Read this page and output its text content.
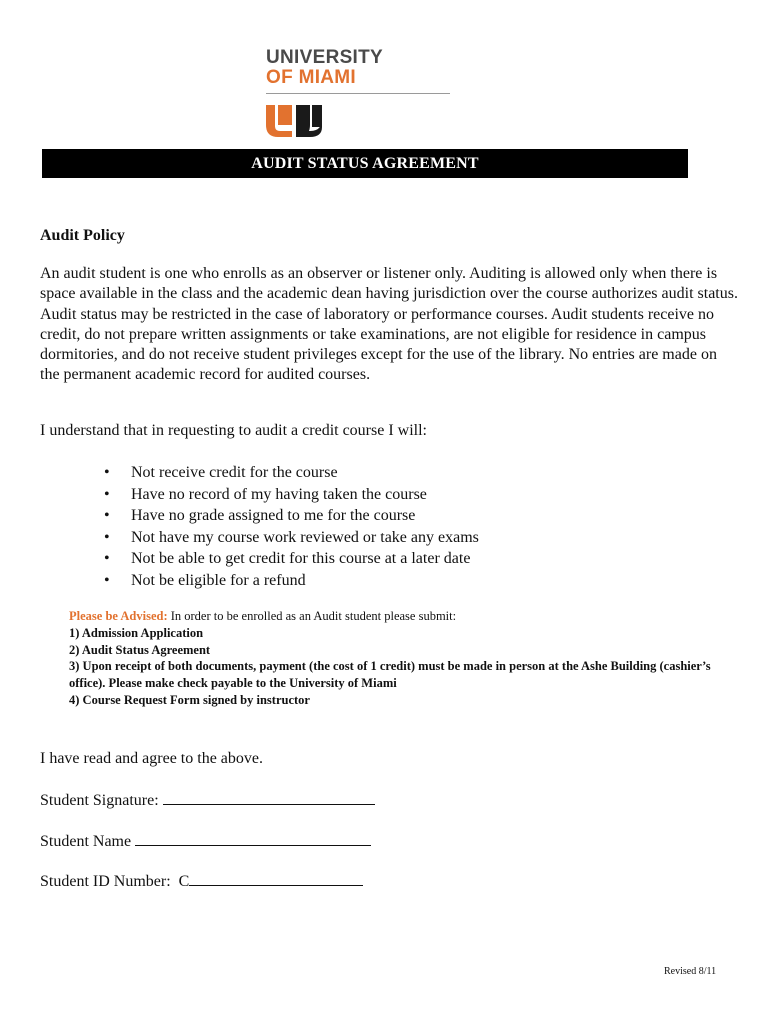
UNIVERSITY
OF MIAMI
AUDIT STATUS AGREEMENT
Audit Policy
An audit student is one who enrolls as an observer or listener only. Auditing is allowed only when there is space available in the class and the academic dean having jurisdiction over the course authorizes audit status. Audit status may be restricted in the case of laboratory or performance courses. Audit students receive no credit, do not prepare written assignments or take examinations, are not eligible for residence in campus dormitories, and do not receive student privileges except for the use of the library. No entries are made on the permanent academic record for audited courses.
I understand that in requesting to audit a credit course I will:
• Not receive credit for the course
• Have no record of my having taken the course
• Have no grade assigned to me for the course
• Not have my course work reviewed or take any exams
• Not be able to get credit for this course at a later date
• Not be eligible for a refund
Please be Advised: In order to be enrolled as an Audit student please submit:
1) Admission Application
2) Audit Status Agreement
3) Upon receipt of both documents, payment (the cost of 1 credit) must be made in person at the Ashe Building (cashier’s office). Please make check payable to the University of Miami
4) Course Request Form signed by instructor
I have read and agree to the above.
Student Signature:
Student Name
Student ID Number: C
Revised 8/11
